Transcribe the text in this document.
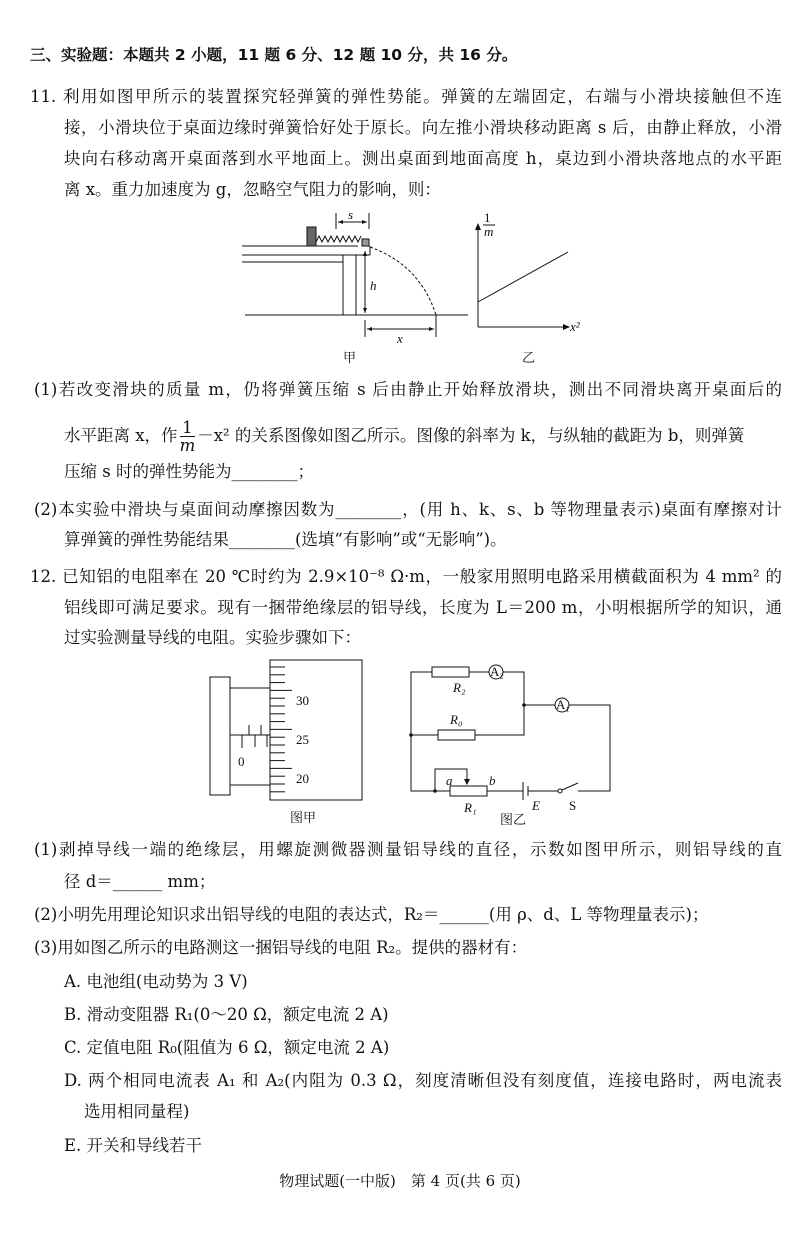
三、实验题：本题共 2 小题，11 题 6 分、12 题 10 分，共 16 分。
11. 利用如图甲所示的装置探究轻弹簧的弹性势能。弹簧的左端固定，右端与小滑块接触但不连
接，小滑块位于桌面边缘时弹簧恰好处于原长。向左推小滑块移动距离 s 后，由静止释放，小滑
块向右移动离开桌面落到水平地面上。测出桌面到地面高度 h，桌边到小滑块落地点的水平距
离 x。重力加速度为 g，忽略空气阻力的影响，则：
s
h
x
甲
1
m
x²
乙
(1)若改变滑块的质量 m，仍将弹簧压缩 s 后由静止开始释放滑块，测出不同滑块离开桌面后的
水平距离 x，作 $\frac{1}{m} -x^2$ 的关系图像如图乙所示。图像的斜率为 k，与纵轴的截距为 b，则弹簧
压缩 s 时的弹性势能为________；
(2)本实验中滑块与桌面间动摩擦因数为________，(用 h、k、s、b 等物理量表示)桌面有摩擦对计
算弹簧的弹性势能结果________(选填“有影响”或“无影响”)。
12. 已知铝的电阻率在 20 ℃时约为 2.9×10⁻⁸ Ω·m，一般家用照明电路采用横截面积为 4 mm² 的
铝线即可满足要求。现有一捆带绝缘层的铝导线，长度为 L＝200 m，小明根据所学的知识，通
过实验测量导线的电阻。实验步骤如下：
30
25
20
0
图甲
R₂
A₂
A₁
R₀
a	b
R₁	E S
图乙
(1)剥掉导线一端的绝缘层，用螺旋测微器测量铝导线的直径，示数如图甲所示，则铝导线的直
径 d＝______ mm；
(2)小明先用理论知识求出铝导线的电阻的表达式，R₂＝______(用 ρ、d、L 等物理量表示)；
(3)用如图乙所示的电路测这一捆铝导线的电阻 R₂。提供的器材有：
A. 电池组(电动势为 3 V)
B. 滑动变阻器 R₁(0～20 Ω，额定电流 2 A)
C. 定值电阻 R₀(阻值为 6 Ω，额定电流 2 A)
D. 两个相同电流表 A₁ 和 A₂(内阻为 0.3 Ω，刻度清晰但没有刻度值，连接电路时，两电流表
选用相同量程)
E. 开关和导线若干
物理试题(一中版)　第 4 页(共 6 页)
